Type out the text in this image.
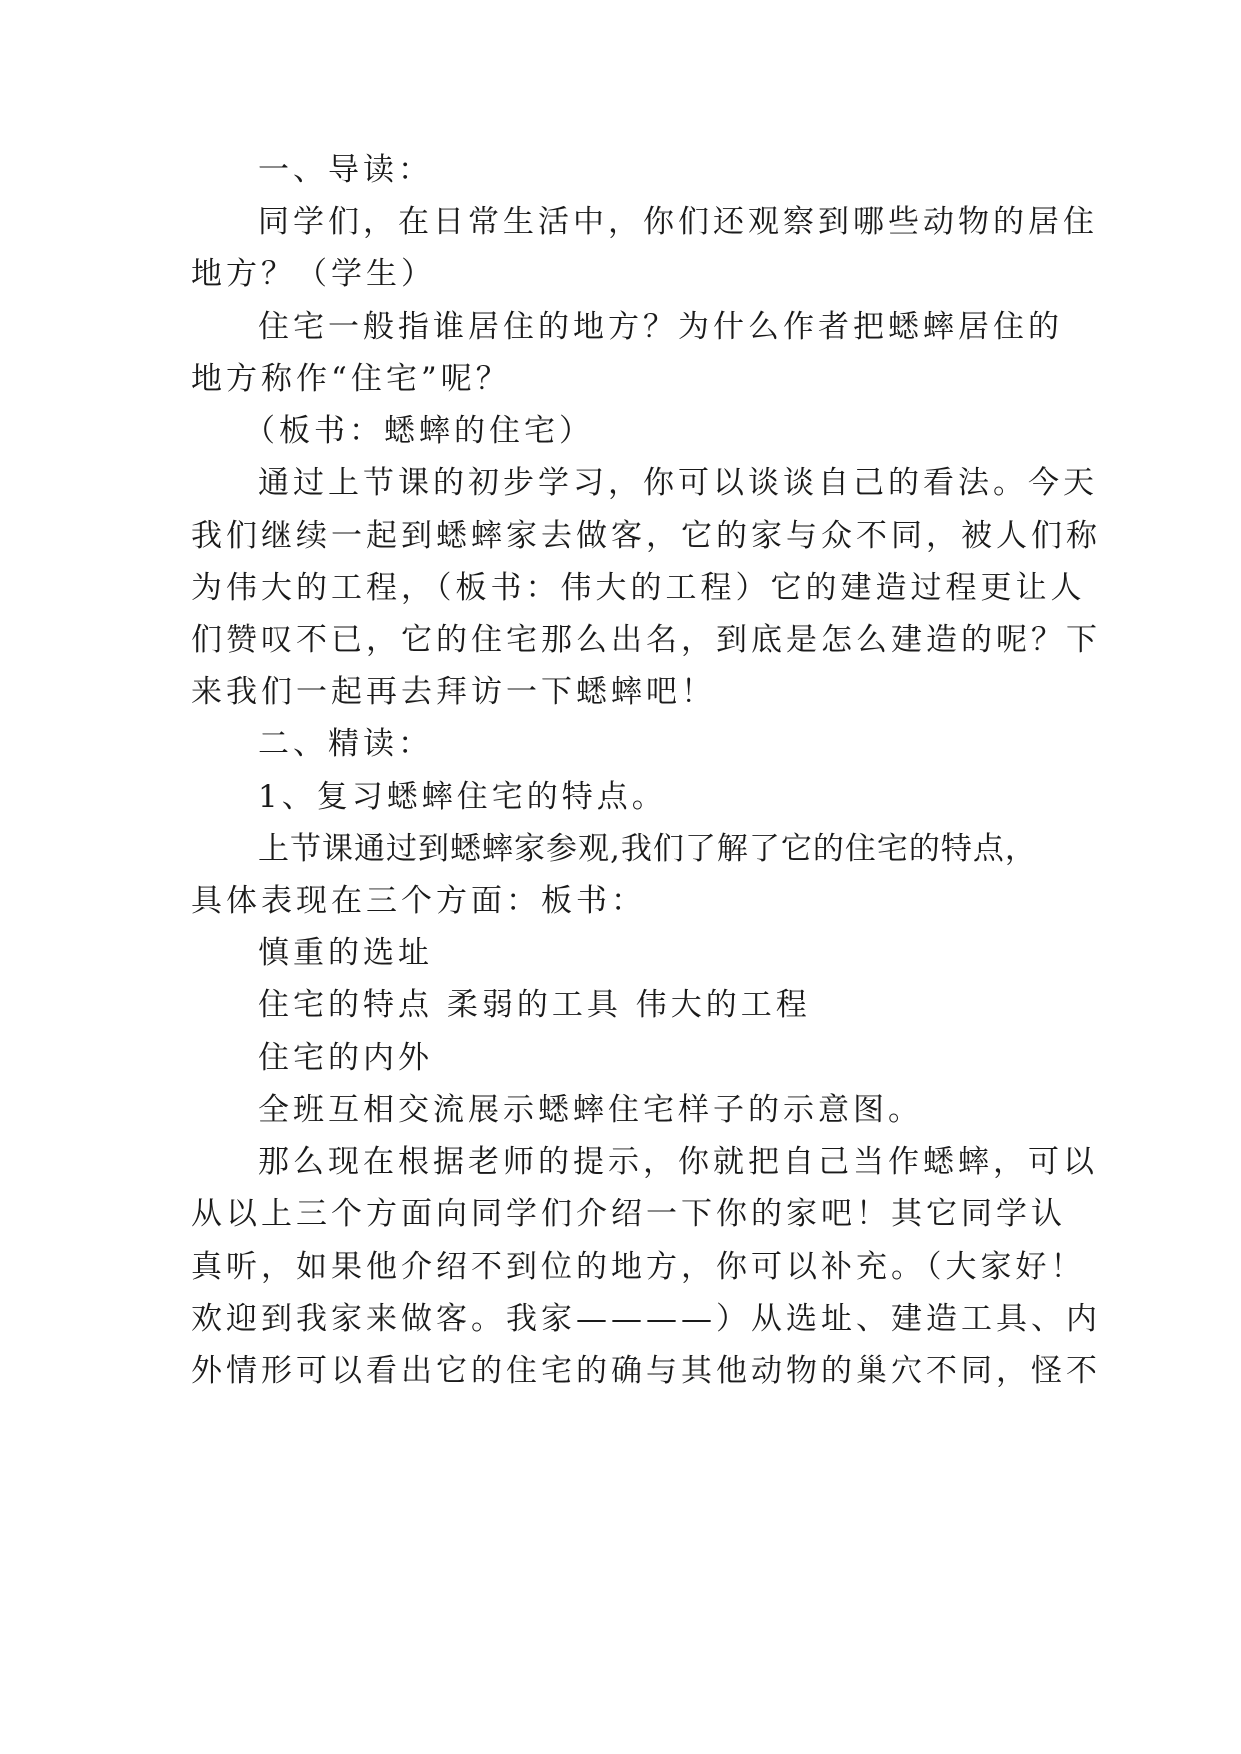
一、导读：
同学们，在日常生活中，你们还观察到哪些动物的居住
地方？（学生）
住宅一般指谁居住的地方？为什么作者把蟋蟀居住的
地方称作“住宅”呢？
（板书：蟋蟀的住宅）
通过上节课的初步学习，你可以谈谈自己的看法。今天
我们继续一起到蟋蟀家去做客，它的家与众不同，被人们称
为伟大的工程，（板书：伟大的工程）它的建造过程更让人
们赞叹不已，它的住宅那么出名，到底是怎么建造的呢？下
来我们一起再去拜访一下蟋蟀吧！
二、精读：
1、复习蟋蟀住宅的特点。
上节课通过到蟋蟀家参观,我们了解了它的住宅的特点，
具体表现在三个方面：板书：
慎重的选址
住宅的特点 柔弱的工具 伟大的工程
住宅的内外
全班互相交流展示蟋蟀住宅样子的示意图。
那么现在根据老师的提示，你就把自己当作蟋蟀，可以
从以上三个方面向同学们介绍一下你的家吧！其它同学认
真听，如果他介绍不到位的地方，你可以补充。（大家好！
欢迎到我家来做客。我家————）从选址、建造工具、内
外情形可以看出它的住宅的确与其他动物的巢穴不同，怪不
